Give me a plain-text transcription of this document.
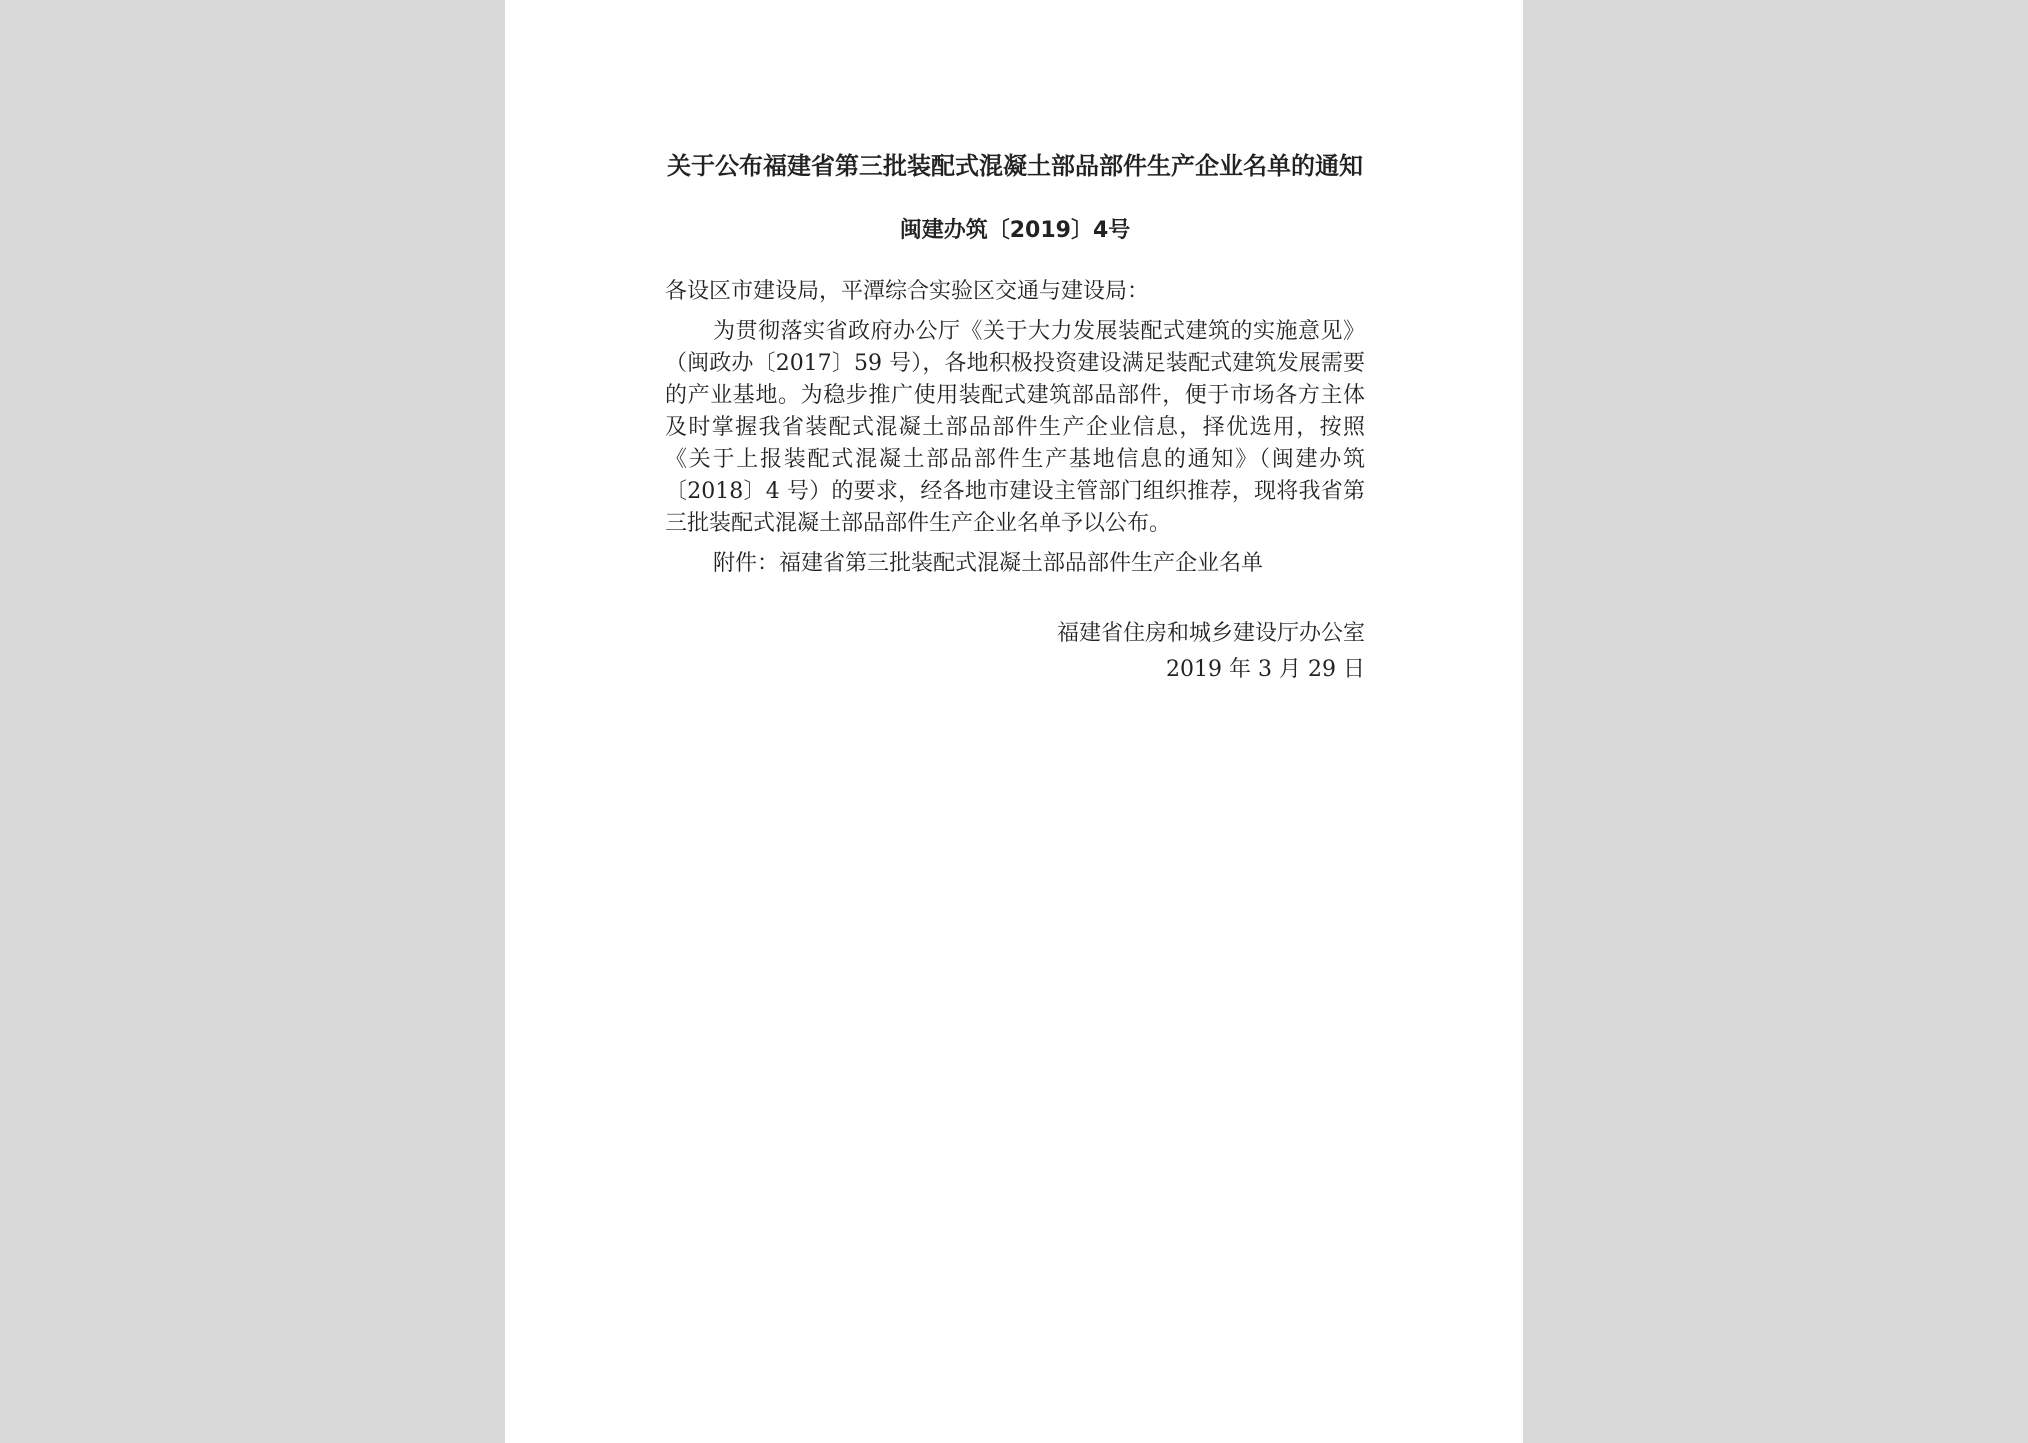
关于公布福建省第三批装配式混凝土部品部件生产企业名单的通知
闽建办筑〔2019〕4号

各设区市建设局，平潭综合实验区交通与建设局：

为贯彻落实省政府办公厅《关于大力发展装配式建筑的实施意见》（闽政办〔2017〕59 号），各地积极投资建设满足装配式建筑发展需要的产业基地。为稳步推广使用装配式建筑部品部件，便于市场各方主体及时掌握我省装配式混凝土部品部件生产企业信息，择优选用，按照《关于上报装配式混凝土部品部件生产基地信息的通知》（闽建办筑〔2018〕4 号）的要求，经各地市建设主管部门组织推荐，现将我省第三批装配式混凝土部品部件生产企业名单予以公布。

附件：福建省第三批装配式混凝土部品部件生产企业名单

福建省住房和城乡建设厅办公室

2019 年 3 月 29 日
